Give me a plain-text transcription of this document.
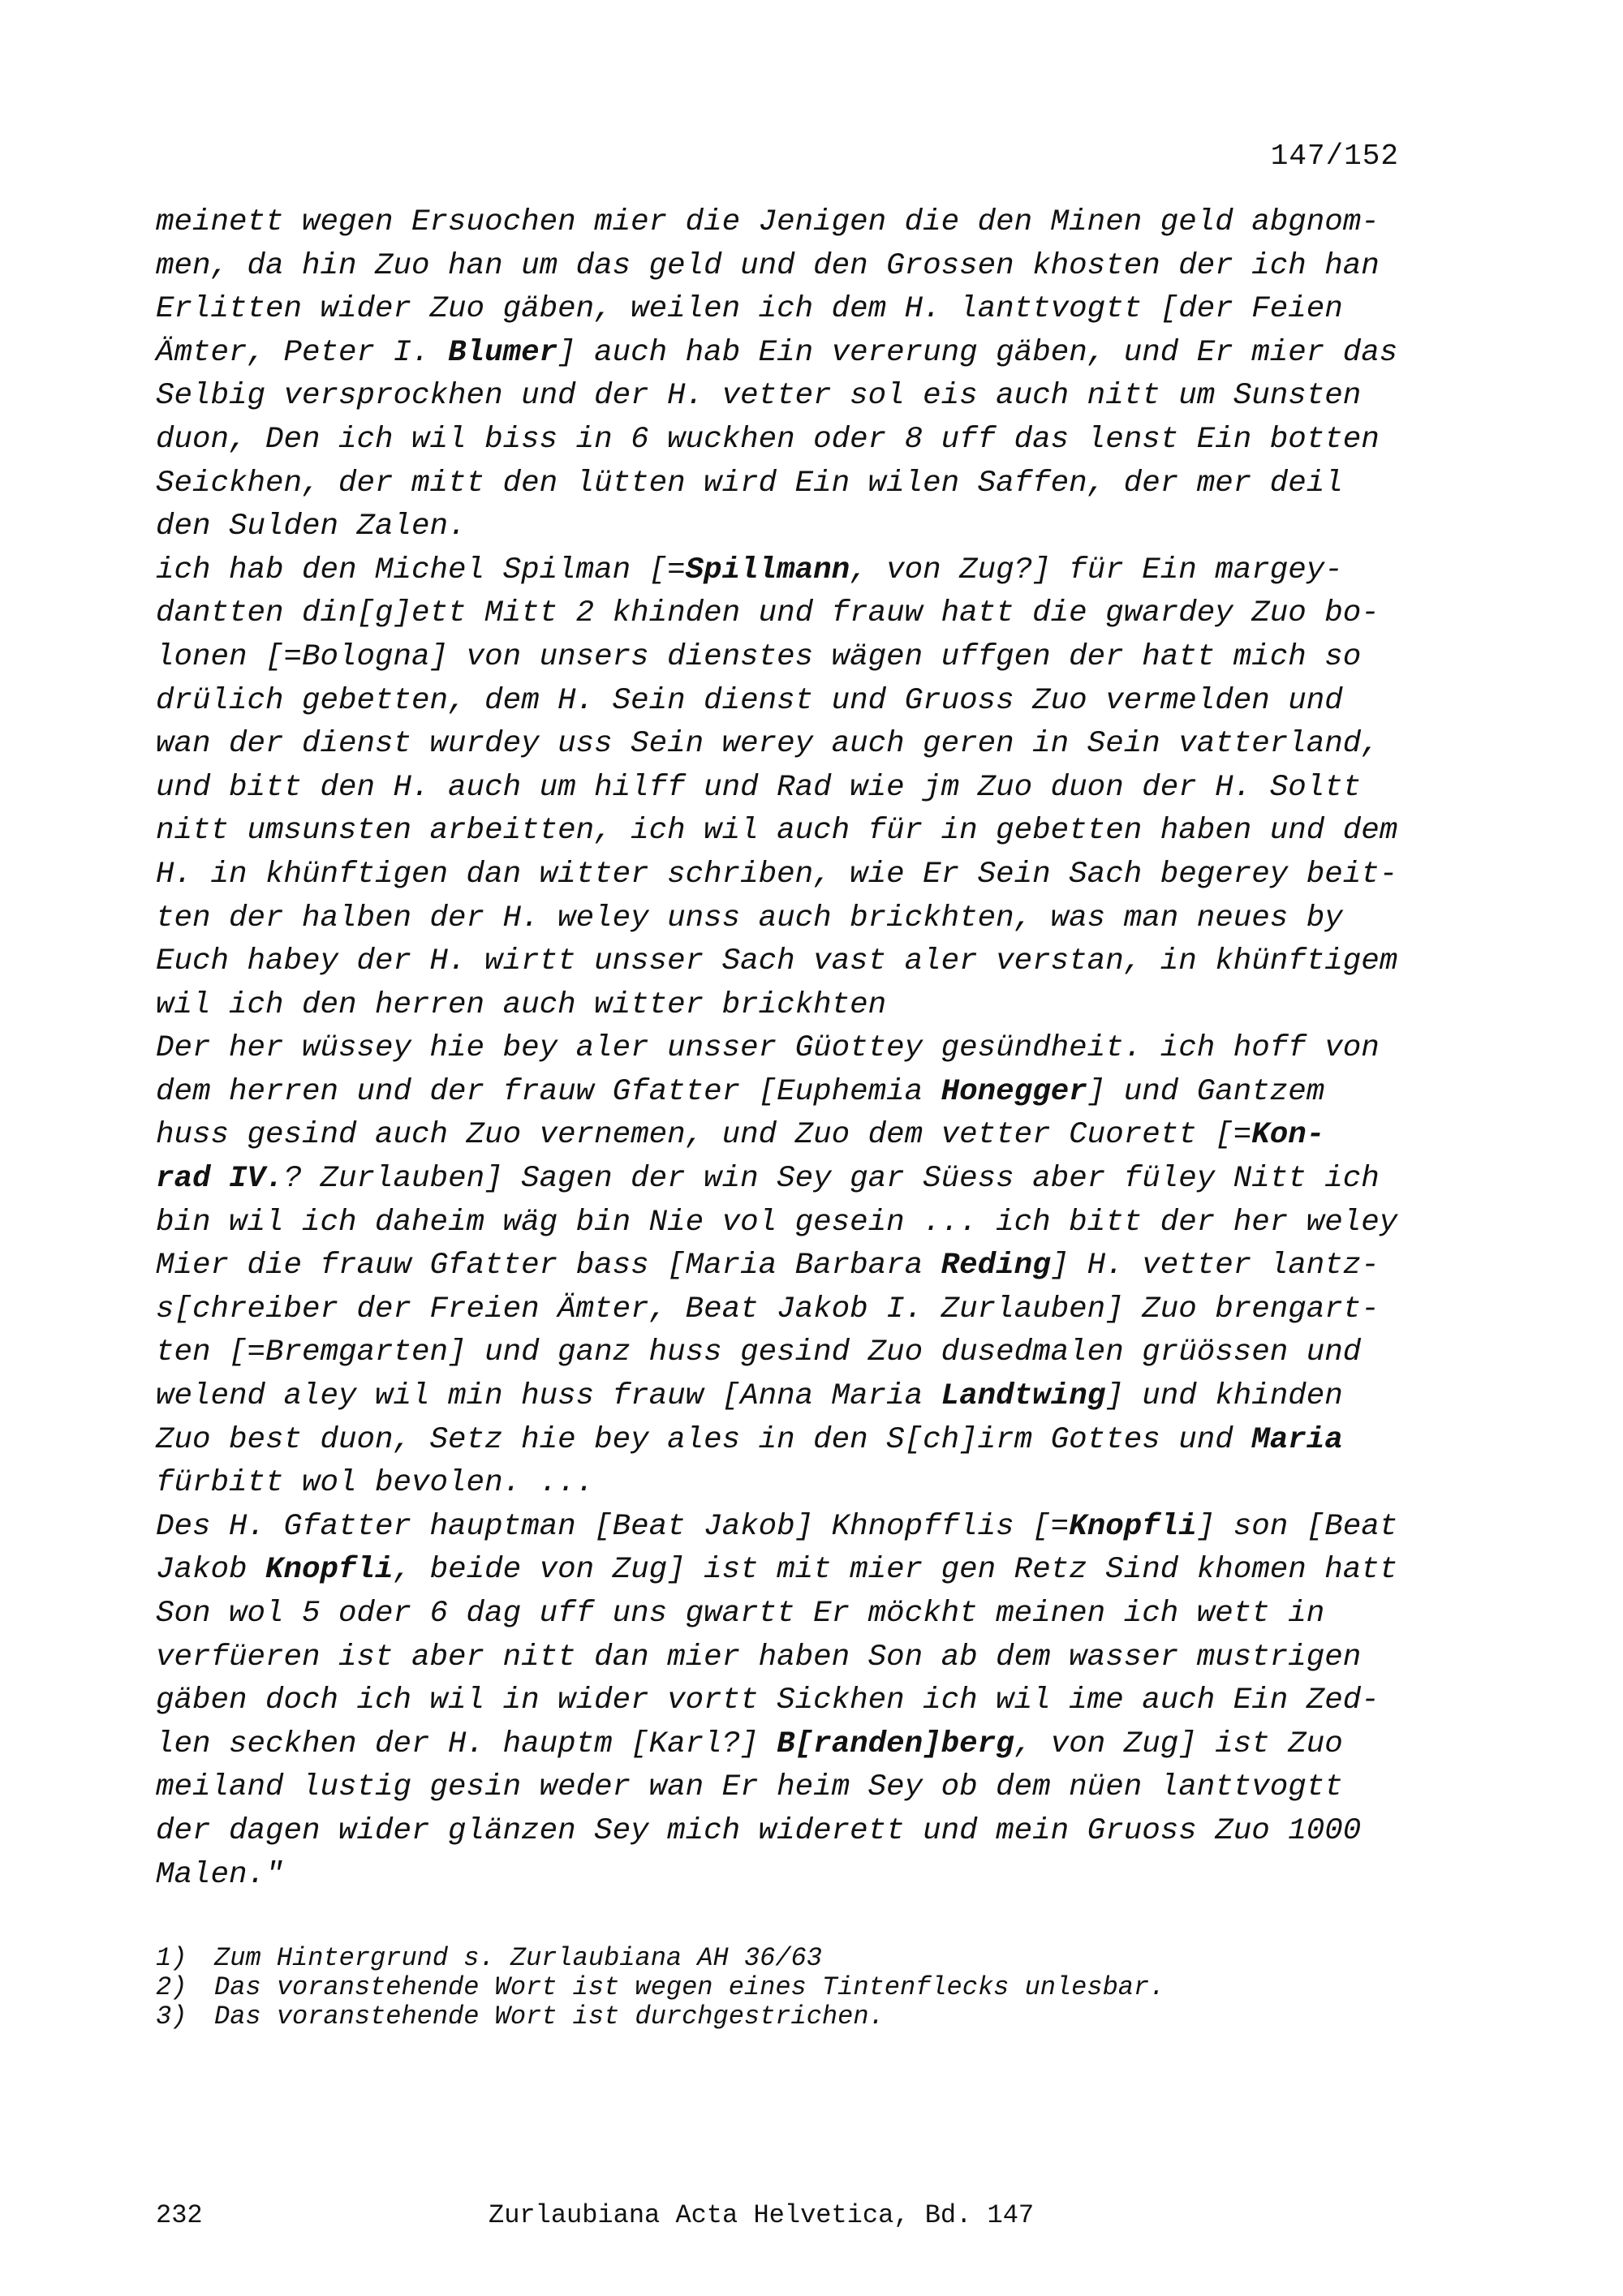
147/152
meinett wegen Ersuochen mier die Jenigen die den Minen geld abgnom-
men, da hin Zuo han um das geld und den Grossen khosten der ich han
Erlitten wider Zuo gäben, weilen ich dem H. lanttvogtt [der Feien
Ämter, Peter I. Blumer] auch hab Ein vererung gäben, und Er mier das
Selbig versprockhen und der H. vetter sol eis auch nitt um Sunsten
duon, Den ich wil biss in 6 wuckhen oder 8 uff das lenst Ein botten
Seickhen, der mitt den lütten wird Ein wilen Saffen, der mer deil
den Sulden Zalen.
ich hab den Michel Spilman [=Spillmann, von Zug?] für Ein margey-
dantten din[g]ett Mitt 2 khinden und frauw hatt die gwardey Zuo bo-
lonen [=Bologna] von unsers dienstes wägen uffgen der hatt mich so
drülich gebetten, dem H. Sein dienst und Gruoss Zuo vermelden und
wan der dienst wurdey uss Sein werey auch geren in Sein vatterland,
und bitt den H. auch um hilff und Rad wie jm Zuo duon der H. Soltt
nitt umsunsten arbeitten, ich wil auch für in gebetten haben und dem
H. in khünftigen dan witter schriben, wie Er Sein Sach begerey beit-
ten der halben der H. weley unss auch brickhten, was man neues by
Euch habey der H. wirtt unsser Sach vast aler verstan, in khünftigem
wil ich den herren auch witter brickhten
Der her wüssey hie bey aler unsser Güottey gesündheit. ich hoff von
dem herren und der frauw Gfatter [Euphemia Honegger] und Gantzem
huss gesind auch Zuo vernemen, und Zuo dem vetter Cuorett [=Kon-
rad IV.? Zurlauben] Sagen der win Sey gar Süess aber füley Nitt ich
bin wil ich daheim wäg bin Nie vol gesein ... ich bitt der her weley
Mier die frauw Gfatter bass [Maria Barbara Reding] H. vetter lantz-
s[chreiber der Freien Ämter, Beat Jakob I. Zurlauben] Zuo brengart-
ten [=Bremgarten] und ganz huss gesind Zuo dusedmalen grüössen und
welend aley wil min huss frauw [Anna Maria Landtwing] und khinden
Zuo best duon, Setz hie bey ales in den S[ch]irm Gottes und Maria
fürbitt wol bevolen. ...
Des H. Gfatter hauptman [Beat Jakob] Khnopfflis [=Knopfli] son [Beat
Jakob Knopfli, beide von Zug] ist mit mier gen Retz Sind khomen hatt
Son wol 5 oder 6 dag uff uns gwartt Er möckht meinen ich wett in
verfüeren ist aber nitt dan mier haben Son ab dem wasser mustrigen
gäben doch ich wil in wider vortt Sickhen ich wil ime auch Ein Zed-
len seckhen der H. hauptm [Karl?] B[randen]berg, von Zug] ist Zuo
meiland lustig gesin weder wan Er heim Sey ob dem nüen lanttvogtt
der dagen wider glänzen Sey mich widerett und mein Gruoss Zuo 1000
Malen."
1) Zum Hintergrund s. Zurlaubiana AH 36/63
2) Das voranstehende Wort ist wegen eines Tintenflecks unlesbar.
3) Das voranstehende Wort ist durchgestrichen.
232	Zurlaubiana Acta Helvetica, Bd. 147
